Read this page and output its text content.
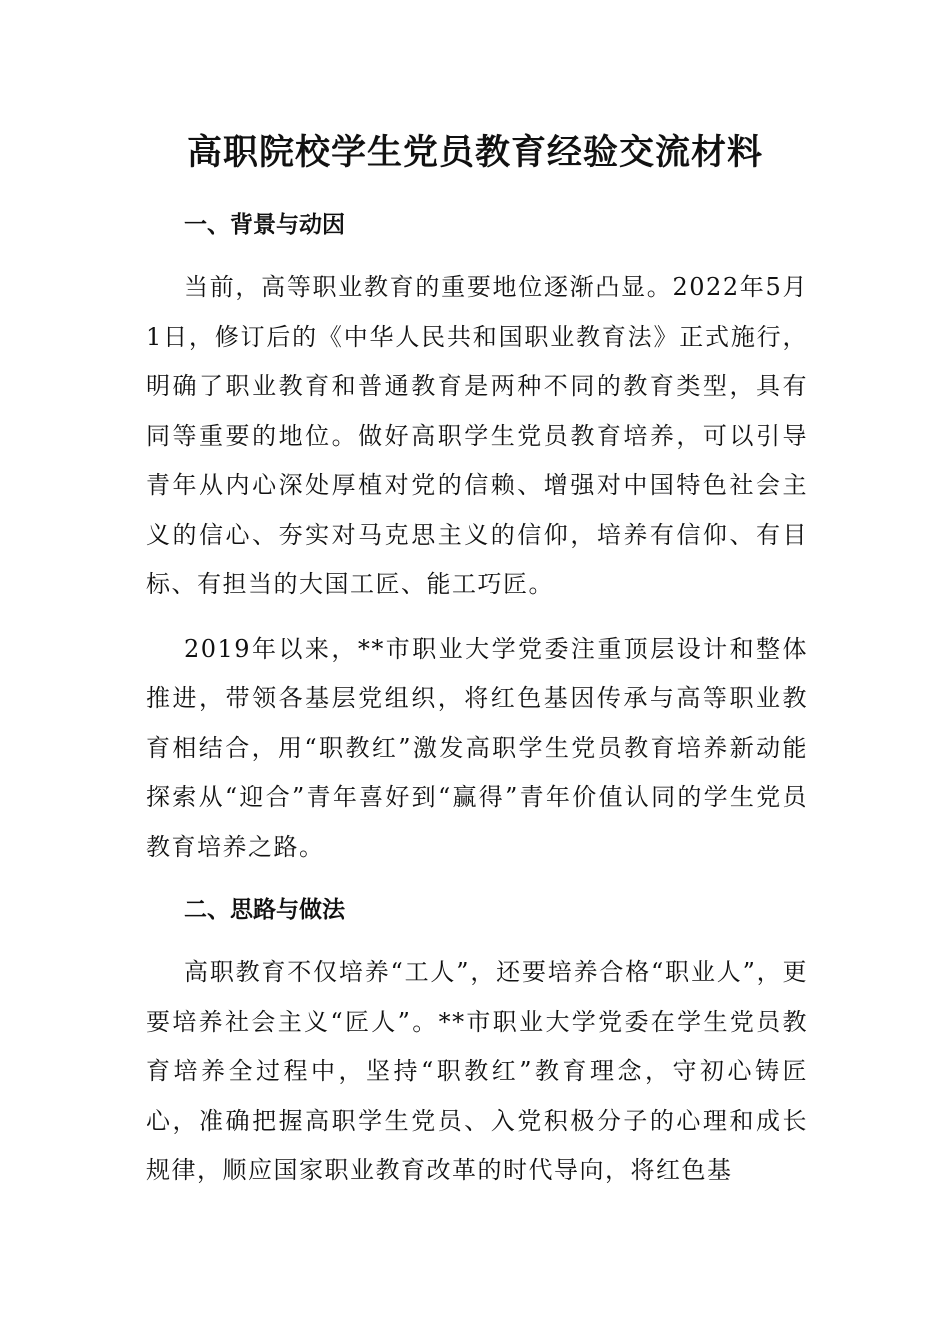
高职院校学生党员教育经验交流材料
一、背景与动因

当前，高等职业教育的重要地位逐渐凸显。2022年5月1日，修订后的《中华人民共和国职业教育法》正式施行，明确了职业教育和普通教育是两种不同的教育类型，具有同等重要的地位。做好高职学生党员教育培养，可以引导青年从内心深处厚植对党的信赖、增强对中国特色社会主义的信心、夯实对马克思主义的信仰，培养有信仰、有目标、有担当的大国工匠、能工巧匠。

2019年以来，**市职业大学党委注重顶层设计和整体推进，带领各基层党组织，将红色基因传承与高等职业教育相结合，用“职教红”激发高职学生党员教育培养新动能探索从“迎合”青年喜好到“赢得”青年价值认同的学生党员教育培养之路。

二、思路与做法

高职教育不仅培养“工人”，还要培养合格“职业人”，更要培养社会主义“匠人”。**市职业大学党委在学生党员教育培养全过程中，坚持“职教红”教育理念，守初心铸匠心，准确把握高职学生党员、入党积极分子的心理和成长规律，顺应国家职业教育改革的时代导向，将红色基
